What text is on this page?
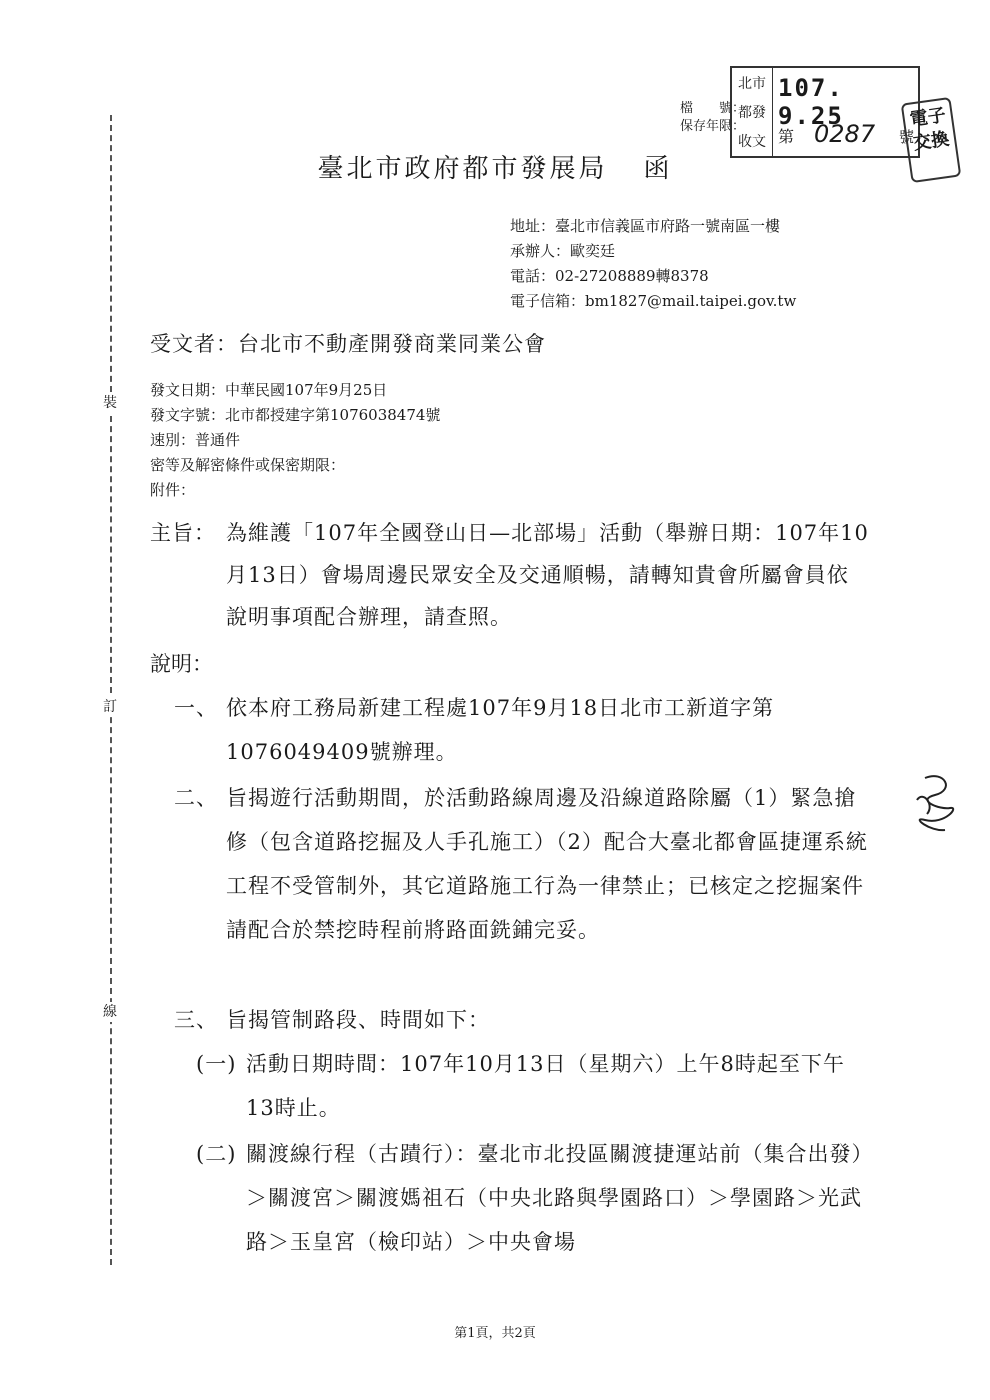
裝
訂
線
檔　　號：
保存年限：
北市
都發
收文
107. 9.25
第 0287 號
電子交換
臺北市政府都市發展局 函
地址：臺北市信義區市府路一號南區一樓
承辦人：歐奕廷
電話：02-27208889轉8378
電子信箱：bm1827@mail.taipei.gov.tw
受文者：台北市不動產開發商業同業公會
發文日期：中華民國107年9月25日
發文字號：北市都授建字第1076038474號
速別：普通件
密等及解密條件或保密期限：
附件：
主旨： 為維護「107年全國登山日—北部場」活動（舉辦日期：107年10月13日）會場周邊民眾安全及交通順暢，請轉知貴會所屬會員依說明事項配合辦理，請查照。
說明：
一、 依本府工務局新建工程處107年9月18日北市工新道字第1076049409號辦理。
二、 旨揭遊行活動期間，於活動路線周邊及沿線道路除屬（1）緊急搶修（包含道路挖掘及人手孔施工）（2）配合大臺北都會區捷運系統工程不受管制外，其它道路施工行為一律禁止；已核定之挖掘案件請配合於禁挖時程前將路面銑鋪完妥。
三、 旨揭管制路段、時間如下：
(一) 活動日期時間：107年10月13日（星期六）上午8時起至下午13時止。
(二) 關渡線行程（古蹟行）：臺北市北投區關渡捷運站前（集合出發）＞關渡宮＞關渡媽祖石（中央北路與學園路口）＞學園路＞光武路＞玉皇宮（檢印站）＞中央會場
第1頁，共2頁
